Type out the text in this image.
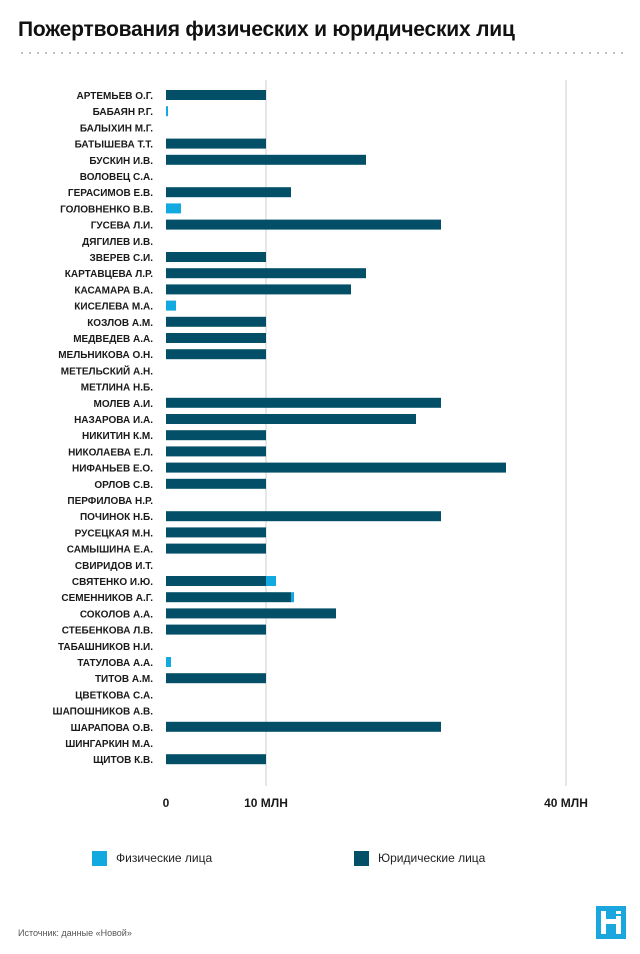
Пожертвования физических и юридических лиц
АРТЕМЬЕВ О.Г.
БАБАЯН Р.Г.
БАЛЫХИН М.Г.
БАТЫШЕВА Т.Т.
БУСКИН И.В.
ВОЛОВЕЦ С.А.
ГЕРАСИМОВ Е.В.
ГОЛОВНЕНКО В.В.
ГУСЕВА Л.И.
ДЯГИЛЕВ И.В.
ЗВЕРЕВ С.И.
КАРТАВЦЕВА Л.Р.
КАСАМАРА В.А.
КИСЕЛЕВА М.А.
КОЗЛОВ А.М.
МЕДВЕДЕВ А.А.
МЕЛЬНИКОВА О.Н.
МЕТЕЛЬСКИЙ А.Н.
МЕТЛИНА Н.Б.
МОЛЕВ А.И.
НАЗАРОВА И.А.
НИКИТИН К.М.
НИКОЛАЕВА Е.Л.
НИФАНЬЕВ Е.О.
ОРЛОВ С.В.
ПЕРФИЛОВА Н.Р.
ПОЧИНОК Н.Б.
РУСЕЦКАЯ М.Н.
САМЫШИНА Е.А.
СВИРИДОВ И.Т.
СВЯТЕНКО И.Ю.
СЕМЕННИКОВ А.Г.
СОКОЛОВ А.А.
СТЕБЕНКОВА Л.В.
ТАБАШНИКОВ Н.И.
ТАТУЛОВА А.А.
ТИТОВ А.М.
ЦВЕТКОВА С.А.
ШАПОШНИКОВ А.В.
ШАРАПОВА О.В.
ШИНГАРКИН М.А.
ЩИТОВ К.В.
0	10 МЛН	40 МЛН
Физические лица	Юридические лица
Источник: данные «Новой»
